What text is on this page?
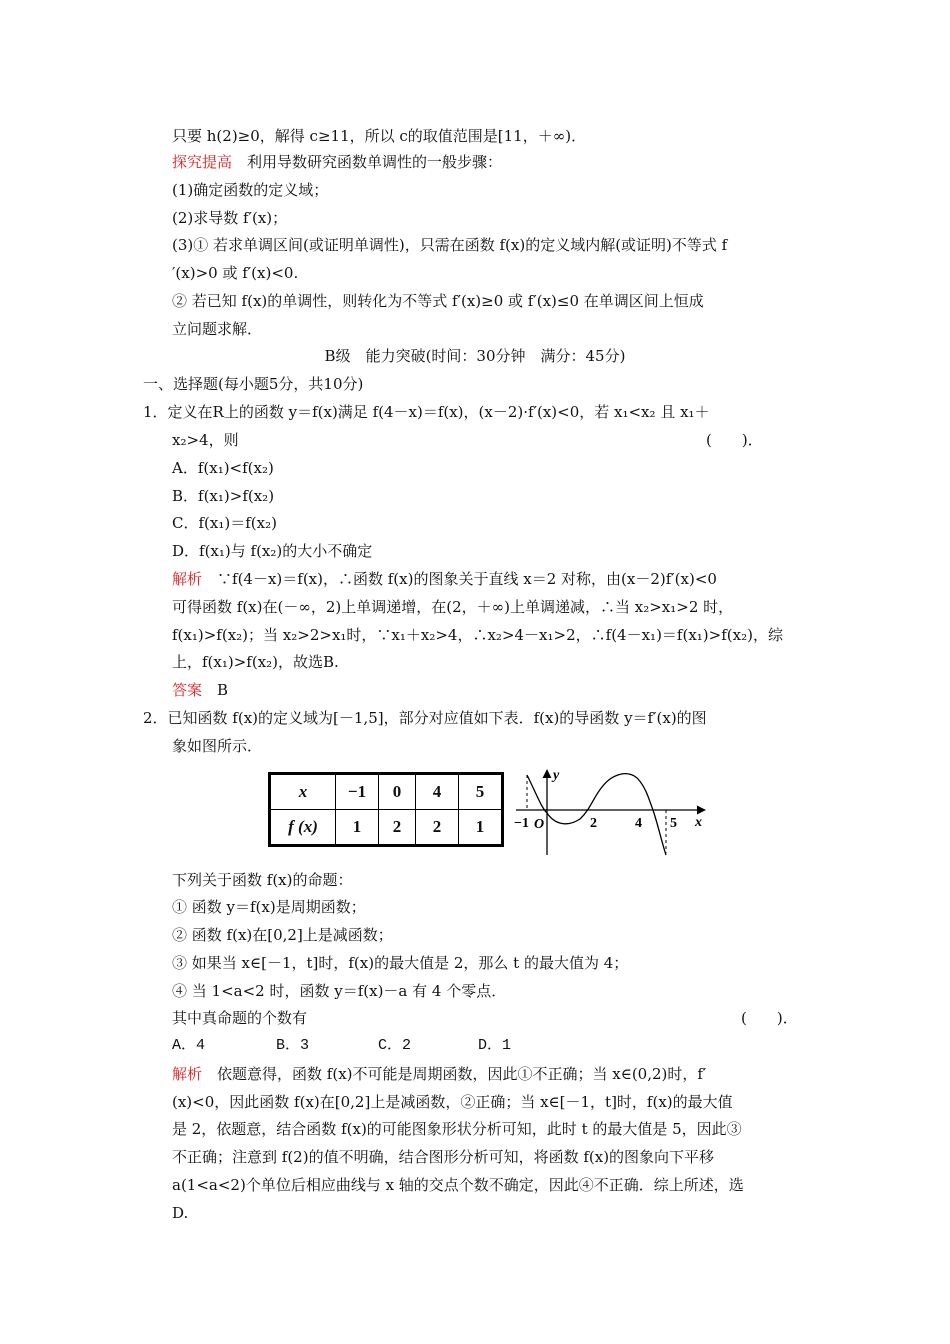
只要 h(2)≥0，解得 c≥11，所以 c的取值范围是[11，＋∞)．
探究提高　利用导数研究函数单调性的一般步骤：
(1)确定函数的定义域；
(2)求导数 f′(x)；
(3)① 若求单调区间(或证明单调性)，只需在函数 f(x)的定义域内解(或证明)不等式 f
′(x)>0 或 f′(x)<0.
② 若已知 f(x)的单调性，则转化为不等式 f′(x)≥0 或 f′(x)≤0 在单调区间上恒成
立问题求解．
B级　能力突破(时间：30分钟　满分：45分)
一、选择题(每小题5分，共10分)
1．定义在R上的函数 y＝f(x)满足 f(4－x)＝f(x)，(x－2)·f′(x)<0，若 x₁<x₂ 且 x₁＋
x₂>4，则	(　　)．
A．f(x₁)<f(x₂)
B．f(x₁)>f(x₂)
C．f(x₁)＝f(x₂)
D．f(x₁)与 f(x₂)的大小不确定
解析　∵f(4－x)＝f(x)，∴函数 f(x)的图象关于直线 x＝2 对称，由(x－2)f′(x)<0
可得函数 f(x)在(－∞，2)上单调递增，在(2，＋∞)上单调递减，∴当 x₂>x₁>2 时，
f(x₁)>f(x₂)；当 x₂>2>x₁时，∵x₁＋x₂>4，∴x₂>4－x₁>2，∴f(4－x₁)＝f(x₁)>f(x₂)，综
上，f(x₁)>f(x₂)，故选B.
答案　B
2．已知函数 f(x)的定义域为[－1,5]，部分对应值如下表．f(x)的导函数 y＝f′(x)的图
象如图所示．
x	−1	0	4	5
f (x)	1	2	2	1
y
x
−1 O	2	4 5
下列关于函数 f(x)的命题：
① 函数 y＝f(x)是周期函数；
② 函数 f(x)在[0,2]上是减函数；
③ 如果当 x∈[－1，t]时，f(x)的最大值是 2，那么 t 的最大值为 4；
④ 当 1<a<2 时，函数 y＝f(x)－a 有 4 个零点．
其中真命题的个数有	(　　)．
A．4	B．3	C．2	D．1
解析　依题意得，函数 f(x)不可能是周期函数，因此①不正确；当 x∈(0,2)时，f′
(x)<0，因此函数 f(x)在[0,2]上是减函数，②正确；当 x∈[－1，t]时，f(x)的最大值
是 2，依题意，结合函数 f(x)的可能图象形状分析可知，此时 t 的最大值是 5，因此③
不正确；注意到 f(2)的值不明确，结合图形分析可知，将函数 f(x)的图象向下平移
a(1<a<2)个单位后相应曲线与 x 轴的交点个数不确定，因此④不正确．综上所述，选
D.
